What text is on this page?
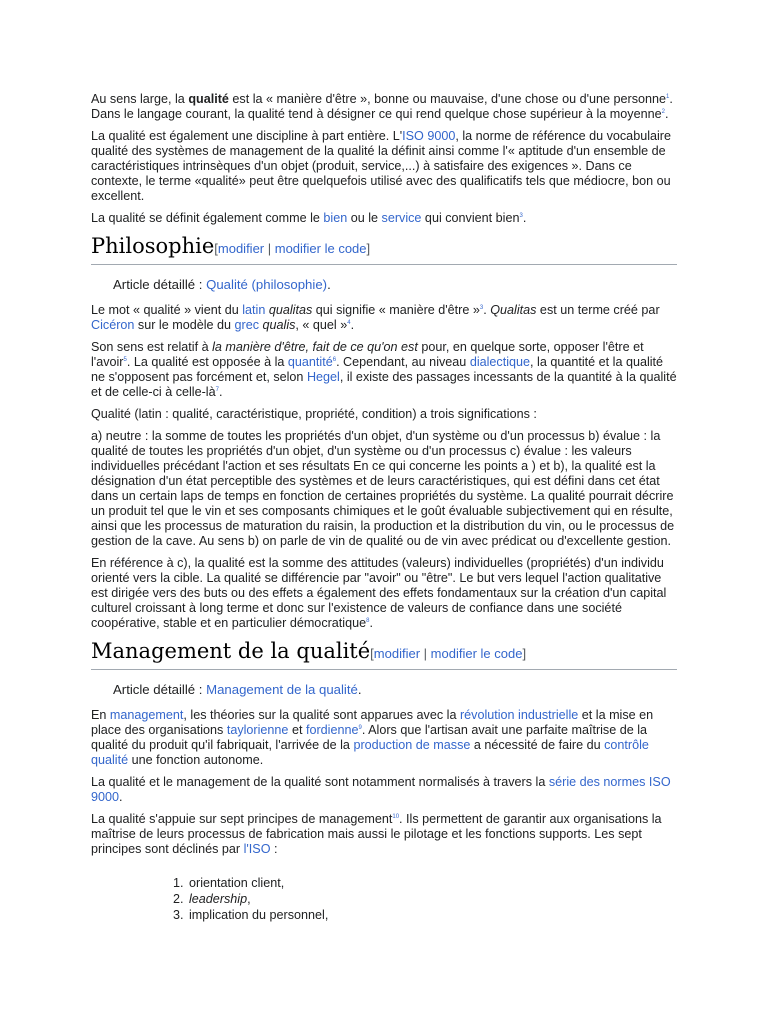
Au sens large, la qualité est la « manière d'être », bonne ou mauvaise, d'une chose ou d'une personne$^1$. Dans le langage courant, la qualité tend à désigner ce qui rend quelque chose supérieur à la moyenne$^2$.

La qualité est également une discipline à part entière. L'ISO 9000, la norme de référence du vocabulaire qualité des systèmes de management de la qualité la définit ainsi comme l'« aptitude d'un ensemble de caractéristiques intrinsèques d'un objet (produit, service,...) à satisfaire des exigences ». Dans ce contexte, le terme «qualité» peut être quelquefois utilisé avec des qualificatifs tels que médiocre, bon ou excellent.

La qualité se définit également comme le bien ou le service qui convient bien$^3$.

Philosophie[modifier | modifier le code]
Article détaillé : Qualité (philosophie).

Le mot « qualité » vient du latin qualitas qui signifie « manière d'être »$^3$. Qualitas est un terme créé par Cicéron sur le modèle du grec qualis, « quel »$^4$.

Son sens est relatif à la manière d'être, fait de ce qu'on est pour, en quelque sorte, opposer l'être et l'avoir$^5$. La qualité est opposée à la quantité$^6$. Cependant, au niveau dialectique, la quantité et la qualité ne s'opposent pas forcément et, selon Hegel, il existe des passages incessants de la quantité à la qualité et de celle-ci à celle-$là^7$.

Qualité (latin : qualité, caractéristique, propriété, condition) a trois significations :

a) neutre : la somme de toutes les propriétés d'un objet, d'un système ou d'un processus b) évalue : la qualité de toutes les propriétés d'un objet, d'un système ou d'un processus c) évalue : les valeurs individuelles précédant l'action et ses résultats En ce qui concerne les points a ) et b), la qualité est la désignation d'un état perceptible des systèmes et de leurs caractéristiques, qui est défini dans cet état dans un certain laps de temps en fonction de certaines propriétés du système. La qualité pourrait décrire un produit tel que le vin et ses composants chimiques et le goût évaluable subjectivement qui en résulte, ainsi que les processus de maturation du raisin, la production et la distribution du vin, ou le processus de gestion de la cave. Au sens b) on parle de vin de qualité ou de vin avec prédicat ou d'excellente gestion.

En référence à c), la qualité est la somme des attitudes (valeurs) individuelles (propriétés) d'un individu orienté vers la cible. La qualité se différencie par "avoir" ou "être". Le but vers lequel l'action qualitative est dirigée vers des buts ou des effets a également des effets fondamentaux sur la création d'un capital culturel croissant à long terme et donc sur l'existence de valeurs de confiance dans une société coopérative, stable et en particulier démocratique$^8$.

Management de la qualité[modifier | modifier le code]
Article détaillé : Management de la qualité.

En management, les théories sur la qualité sont apparues avec la révolution industrielle et la mise en place des organisations taylorienne et fordienne$^9$. Alors que l'artisan avait une parfaite maîtrise de la qualité du produit qu'il fabriquait, l'arrivée de la production de masse a nécessité de faire du contrôle qualité une fonction autonome.

La qualité et le management de la qualité sont notamment normalisés à travers la série des normes ISO 9000.

La qualité s'appuie sur sept principes de management$^{10}$. Ils permettent de garantir aux organisations la maîtrise de leurs processus de fabrication mais aussi le pilotage et les fonctions supports. Les sept principes sont déclinés par l'ISO :

1. orientation client,
2. leadership,
3. implication du personnel,
